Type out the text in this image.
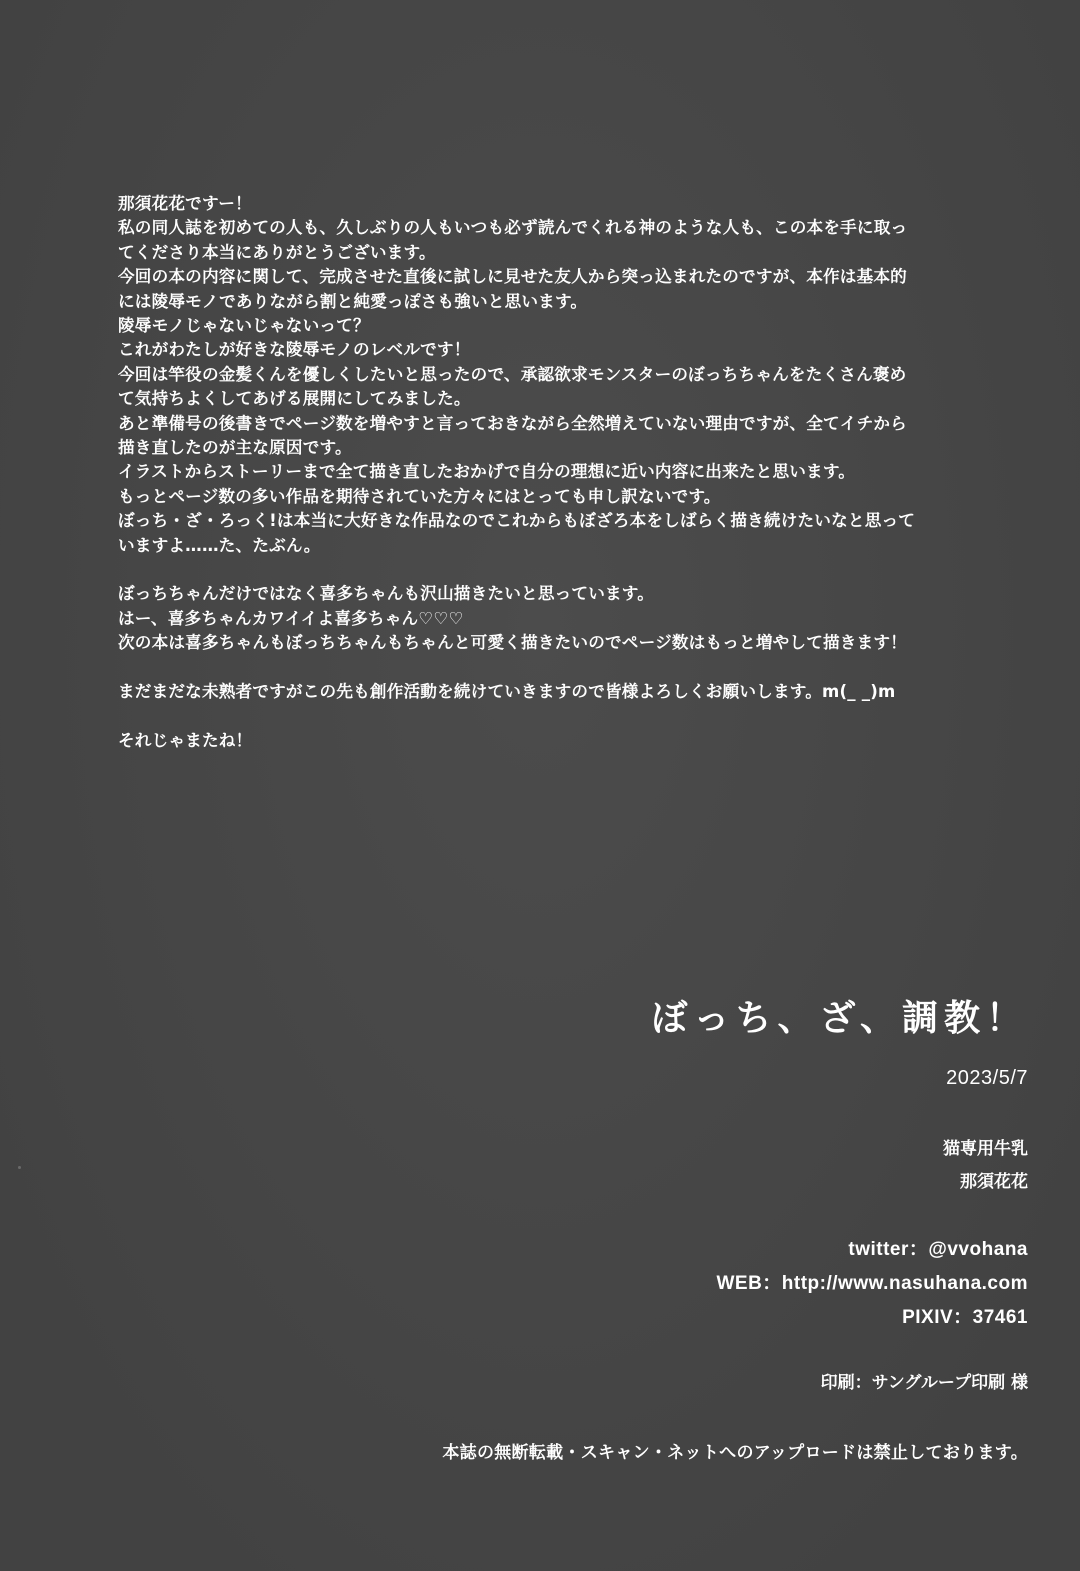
那須花花ですー！

私の同人誌を初めての人も、久しぶりの人もいつも必ず読んでくれる神のような人も、この本を手に取っ

てくださり本当にありがとうございます。

今回の本の内容に関して、完成させた直後に試しに見せた友人から突っ込まれたのですが、本作は基本的

には陵辱モノでありながら割と純愛っぽさも強いと思います。

陵辱モノじゃないじゃないって？

これがわたしが好きな陵辱モノのレベルです！

今回は竿役の金髪くんを優しくしたいと思ったので、承認欲求モンスターのぼっちちゃんをたくさん褒め

て気持ちよくしてあげる展開にしてみました。

あと準備号の後書きでページ数を増やすと言っておきながら全然増えていない理由ですが、全てイチから

描き直したのが主な原因です。

イラストからストーリーまで全て描き直したおかげで自分の理想に近い内容に出来たと思います。

もっとページ数の多い作品を期待されていた方々にはとっても申し訳ないです。

ぼっち・ざ・ろっく!は本当に大好きな作品なのでこれからもぼざろ本をしばらく描き続けたいなと思って

いますよ……た、たぶん。

ぼっちちゃんだけではなく喜多ちゃんも沢山描きたいと思っています。

はー、喜多ちゃんカワイイよ喜多ちゃん♡♡♡

次の本は喜多ちゃんもぼっちちゃんもちゃんと可愛く描きたいのでページ数はもっと増やして描きます！

まだまだな未熟者ですがこの先も創作活動を続けていきますので皆様よろしくお願いします。m(_ _)m

それじゃまたね！

ぼっち、ざ、調教！
2023/5/7
猫専用牛乳
那須花花
twitter：@vvohana
WEB：http://www.nasuhana.com
PIXIV：37461
印刷：サングループ印刷 様
本誌の無断転載・スキャン・ネットへのアップロードは禁止しております。
